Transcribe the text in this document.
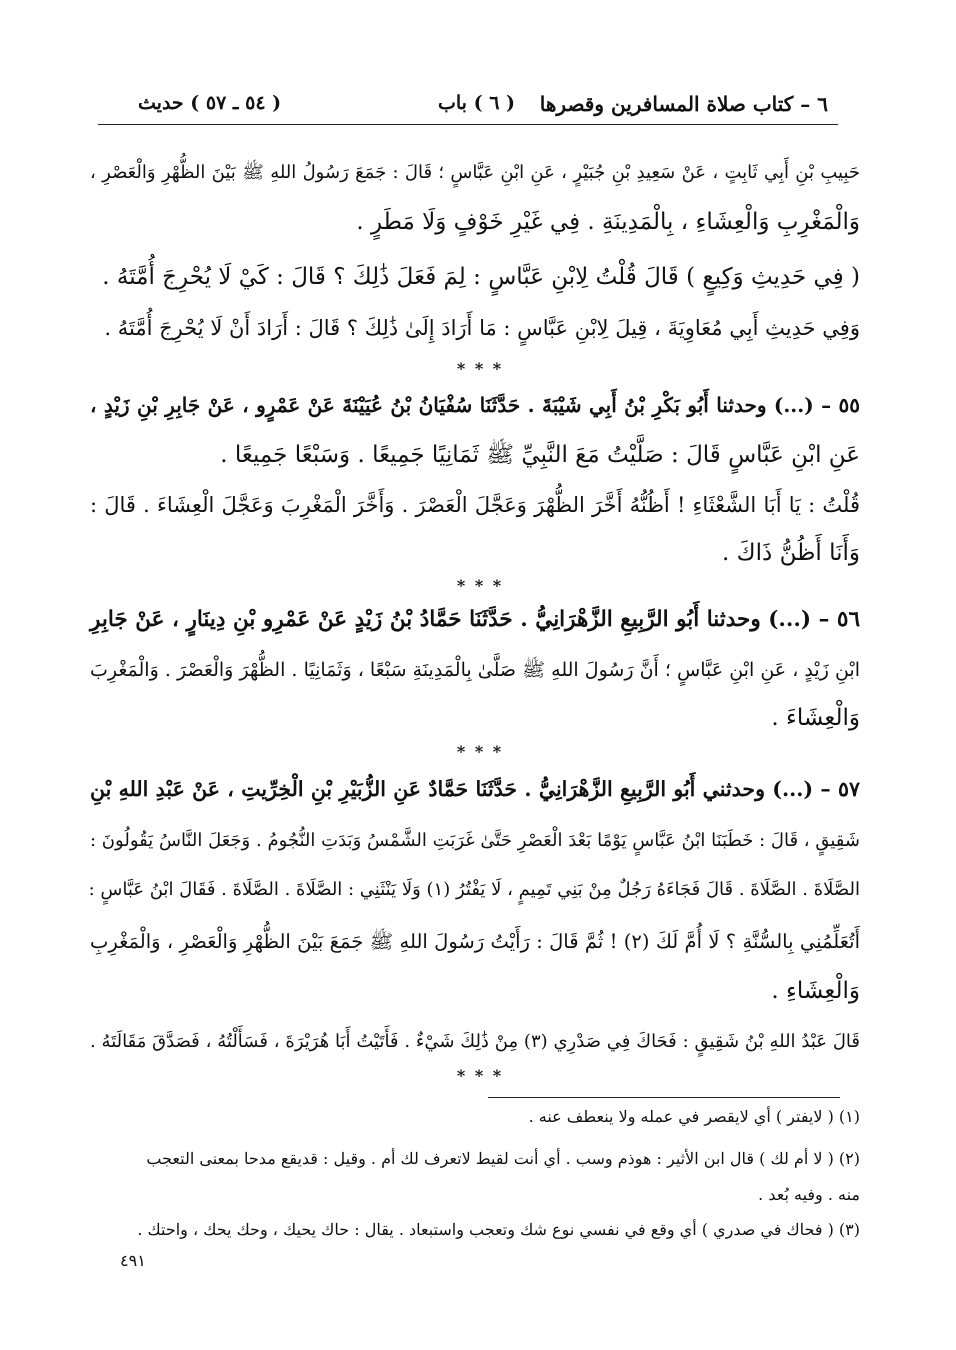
٦ – كتاب صلاة المسافرين وقصرها
( ٦ ) باب
( ٥٤ ـ ٥٧ ) حديث
حَبِيبِ بْنِ أَبِي ثَابِتٍ ، عَنْ سَعِيدِ بْنِ جُبَيْرٍ ، عَنِ ابْنِ عَبَّاسٍ ؛ قَالَ : جَمَعَ رَسُولُ اللهِ ﷺ بَيْنَ الظُّهْرِ وَالْعَصْرِ ،
وَالْمَغْرِبِ وَالْعِشَاءِ ، بِالْمَدِينَةِ . فِي غَيْرِ خَوْفٍ وَلَا مَطَرٍ .
( فِي حَدِيثِ وَكِيعٍ ) قَالَ قُلْتُ لِابْنِ عَبَّاسٍ : لِمَ فَعَلَ ذَٰلِكَ ؟ قَالَ : كَيْ لَا يُحْرِجَ أُمَّتَهُ .
وَفِي حَدِيثِ أَبِي مُعَاوِيَةَ ، قِيلَ لِابْنِ عَبَّاسٍ : مَا أَرَادَ إِلَىٰ ذَٰلِكَ ؟ قَالَ : أَرَادَ أَنْ لَا يُحْرِجَ أُمَّتَهُ .
* * *
٥٥ – (...) وحدثنا أَبُو بَكْرِ بْنُ أَبِي شَيْبَةَ . حَدَّثَنَا سُفْيَانُ بْنُ عُيَيْنَةَ عَنْ عَمْرٍو ، عَنْ جَابِرِ بْنِ زَيْدٍ ،
عَنِ ابْنِ عَبَّاسٍ قَالَ : صَلَّيْتُ مَعَ النَّبِيِّ ﷺ ثَمَانِيًا جَمِيعًا . وَسَبْعًا جَمِيعًا .
قُلْتُ : يَا أَبَا الشَّعْثَاءِ ! أَظُنُّهُ أَخَّرَ الظُّهْرَ وَعَجَّلَ الْعَصْرَ . وَأَخَّرَ الْمَغْرِبَ وَعَجَّلَ الْعِشَاءَ . قَالَ :
وَأَنَا أَظُنُّ ذَاكَ .
* * *
٥٦ – (...) وحدثنا أَبُو الرَّبِيعِ الزَّهْرَانِيُّ . حَدَّثَنَا حَمَّادُ بْنُ زَيْدٍ عَنْ عَمْرِو بْنِ دِينَارٍ ، عَنْ جَابِرِ
ابْنِ زَيْدٍ ، عَنِ ابْنِ عَبَّاسٍ ؛ أَنَّ رَسُولَ اللهِ ﷺ صَلَّىٰ بِالْمَدِينَةِ سَبْعًا ، وَثَمَانِيًا . الظُّهْرَ وَالْعَصْرَ . وَالْمَغْرِبَ
وَالْعِشَاءَ .
* * *
٥٧ – (...) وحدثني أَبُو الرَّبِيعِ الزَّهْرَانِيُّ . حَدَّثَنَا حَمَّادٌ عَنِ الزُّبَيْرِ بْنِ الْخِرِّيتِ ، عَنْ عَبْدِ اللهِ بْنِ
شَقِيقٍ ، قَالَ : خَطَبَنَا ابْنُ عَبَّاسٍ يَوْمًا بَعْدَ الْعَصْرِ حَتَّىٰ غَرَبَتِ الشَّمْسُ وَبَدَتِ النُّجُومُ . وَجَعَلَ النَّاسُ يَقُولُونَ :
الصَّلَاةَ . الصَّلَاةَ . قَالَ فَجَاءَهُ رَجُلٌ مِنْ بَنِي تَمِيمٍ ، لَا يَفْتُرُ (١) وَلَا يَنْثَنِي : الصَّلَاةَ . الصَّلَاةَ . فَقَالَ ابْنُ عَبَّاسٍ :
أَتُعَلِّمُنِي بِالسُّنَّةِ ؟ لَا أُمَّ لَكَ (٢) ! ثُمَّ قَالَ : رَأَيْتُ رَسُولَ اللهِ ﷺ جَمَعَ بَيْنَ الظُّهْرِ وَالْعَصْرِ ، وَالْمَغْرِبِ
وَالْعِشَاءِ .
قَالَ عَبْدُ اللهِ بْنُ شَقِيقٍ : فَحَاكَ فِي صَدْرِي (٣) مِنْ ذَٰلِكَ شَيْءٌ . فَأَتَيْتُ أَبَا هُرَيْرَةَ ، فَسَأَلْتُهُ ، فَصَدَّقَ مَقَالَتَهُ .
* * *
(١) ( لايفتر ) أي لايقصر في عمله ولا ينعطف عنه .
(٢) ( لا أم لك ) قال ابن الأثير : هوذم وسب . أي أنت لقيط لاتعرف لك أم . وقيل : قديقع مدحا بمعنى التعجب
منه . وفيه بُعد .
(٣) ( فحاك في صدري ) أي وقع في نفسي نوع شك وتعجب واستبعاد . يقال : حاك يحيك ، وحك يحك ، واحتك .
٤٩١
